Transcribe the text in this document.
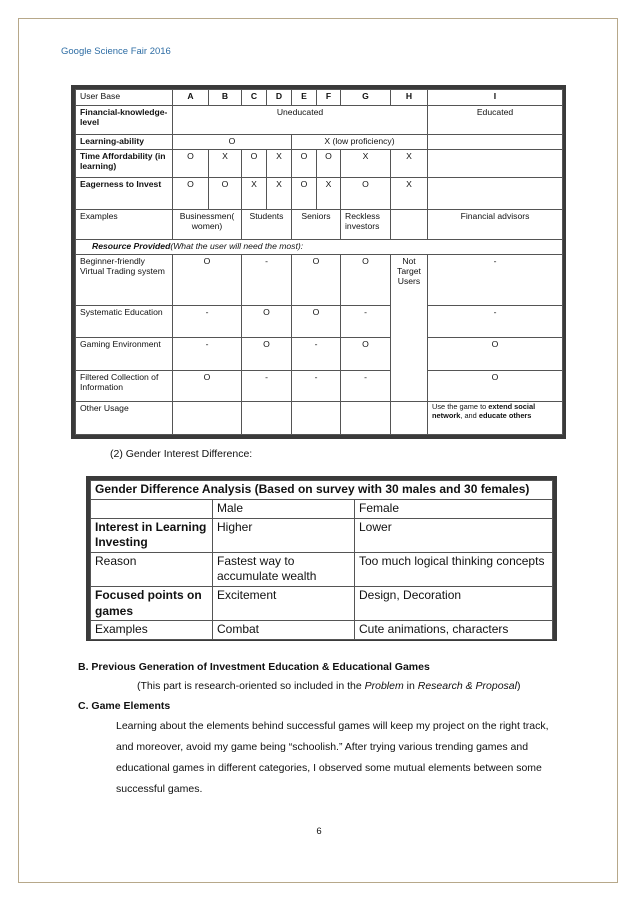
Google Science Fair 2016
User Base	A	B	C	D	E	F	G	H	I
Financial-knowledge- level	Uneducated								Educated
Learning-ability	O				X (low proficiency)				
Time Affordability (in learning)	O	X	O	X	O	O	X	X	
Eagerness to Invest	O	O	X	X	O	X	O	X	
Examples	Businessmen( women)		Students		Seniors		Reckless investors		Financial advisors
Resource Provided(What the user will need the most):									
Beginner-friendly Virtual Trading system	O		-		O		O	Not Target Users	-
Systematic Education	-		O		O		-		-
Gaming Environment	-		O		-		O		O
Filtered Collection of Information	O		-		-		-		O
Other Usage									Use the game to extend social network, and educate others
(2) Gender Interest Difference:
Gender Difference Analysis (Based on survey with 30 males and 30 females)		
	Male	Female
Interest in Learning Investing	Higher	Lower
Reason	Fastest way to accumulate wealth	Too much logical thinking concepts
Focused points on games	Excitement	Design, Decoration
Examples	Combat	Cute animations, characters
B. Previous Generation of Investment Education & Educational Games
(This part is research-oriented so included in the Problem in Research & Proposal)
C. Game Elements
Learning about the elements behind successful games will keep my project on the right track, and moreover, avoid my game being “schoolish.” After trying various trending games and educational games in different categories, I observed some mutual elements between some successful games.
6
